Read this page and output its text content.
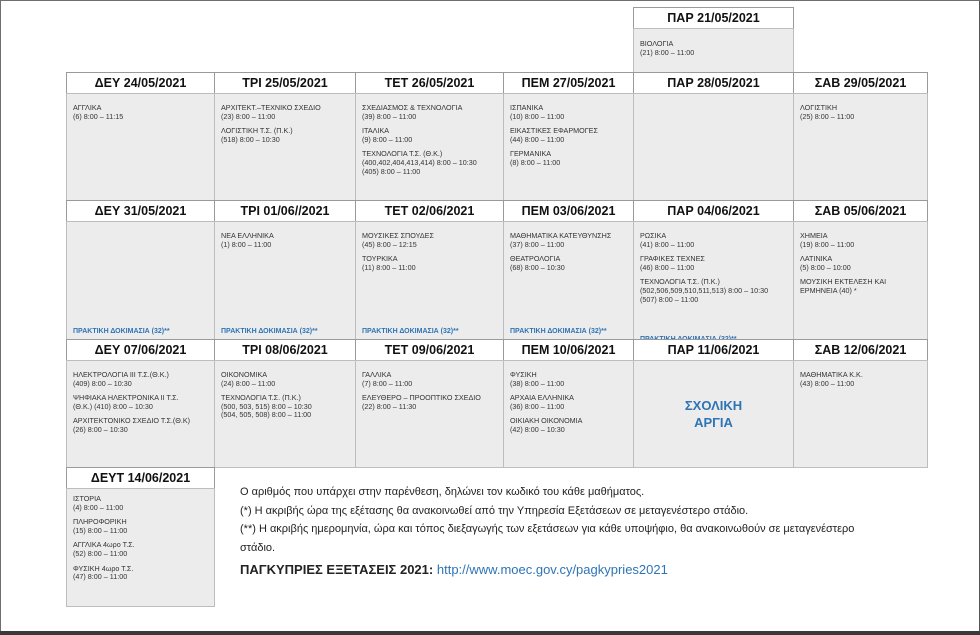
ΠΑΡ 21/05/2021
ΒΙΟΛΟΓΙΑ
(21) 8:00 – 11:00
ΔΕΥ 24/05/2021
ΑΓΓΛΙΚΑ
(6) 8:00 – 11:15
ΤΡΙ 25/05/2021
ΑΡΧΙΤΕΚΤ.–ΤΕΧΝΙΚΟ ΣΧΕΔΙΟ
(23) 8:00 – 11:00
ΛΟΓΙΣΤΙΚΗ Τ.Σ. (Π.Κ.)
(518) 8:00 – 10:30
ΤΕΤ 26/05/2021
ΣΧΕΔΙΑΣΜΟΣ & ΤΕΧΝΟΛΟΓΙΑ
(39) 8:00 – 11:00
ΙΤΑΛΙΚΑ
(9) 8:00 – 11:00
ΤΕΧΝΟΛΟΓΙΑ Τ.Σ. (Θ.Κ.)
(400,402,404,413,414) 8:00 – 10:30
(405) 8:00 – 11:00
ΠΕΜ 27/05/2021
ΙΣΠΑΝΙΚΑ
(10) 8:00 – 11:00
ΕΙΚΑΣΤΙΚΕΣ ΕΦΑΡΜΟΓΕΣ
(44) 8:00 – 11:00
ΓΕΡΜΑΝΙΚΑ
(8) 8:00 – 11:00
ΠΑΡ 28/05/2021	ΣΑΒ 29/05/2021
ΛΟΓΙΣΤΙΚΗ
(25) 8:00 – 11:00
ΔΕΥ 31/05/2021
ΠΡΑΚΤΙΚΗ ΔΟΚΙΜΑΣΙΑ (32)**
ΤΡΙ 01/06//2021
ΝΕΑ ΕΛΛΗΝΙΚΑ
(1) 8:00 – 11:00
ΠΡΑΚΤΙΚΗ ΔΟΚΙΜΑΣΙΑ (32)**
ΤΕΤ 02/06/2021
ΜΟΥΣΙΚΕΣ ΣΠΟΥΔΕΣ
(45) 8:00 – 12:15
ΤΟΥΡΚΙΚΑ
(11) 8:00 – 11:00
ΠΡΑΚΤΙΚΗ ΔΟΚΙΜΑΣΙΑ (32)**
ΠΕΜ 03/06/2021
ΜΑΘΗΜΑΤΙΚΑ ΚΑΤΕΥΘΥΝΣΗΣ
(37) 8:00 – 11:00
ΘΕΑΤΡΟΛΟΓΙΑ
(68) 8:00 – 10:30
ΠΡΑΚΤΙΚΗ ΔΟΚΙΜΑΣΙΑ (32)**
ΠΑΡ 04/06/2021
ΡΩΣΙΚΑ
(41) 8:00 – 11:00
ΓΡΑΦΙΚΕΣ ΤΕΧΝΕΣ
(46) 8:00 – 11:00
ΤΕΧΝΟΛΟΓΙΑ Τ.Σ. (Π.Κ.)
(502,506,509,510,511,513) 8:00 – 10:30
(507) 8:00 – 11:00
ΣΑΒ 05/06/2021
ΧΗΜΕΙΑ
(19) 8:00 – 11:00
ΛΑΤΙΝΙΚΑ
(5) 8:00 – 10:00
ΜΟΥΣΙΚΗ ΕΚΤΕΛΕΣΗ ΚΑΙ
ΕΡΜΗΝΕΙΑ (40) *
ΔΕΥ 07/06/2021
ΗΛΕΚΤΡΟΛΟΓΙΑ ΙΙΙ Τ.Σ.(Θ.Κ.)
(409) 8:00 – 10:30
ΨΗΦΙΑΚΑ ΗΛΕΚΤΡΟΝΙΚΑ ΙΙ Τ.Σ.
(Θ.Κ.) (410) 8:00 – 10:30
ΑΡΧΙΤΕΚΤΟΝΙΚΟ ΣΧΕΔΙΟ Τ.Σ.(Θ.Κ)
(26) 8:00 – 10:30
ΤΡΙ 08/06/2021
ΟΙΚΟΝΟΜΙΚΑ
(24) 8:00 – 11:00
ΤΕΧΝΟΛΟΓΙΑ Τ.Σ. (Π.Κ.)
(500, 503, 515) 8:00 – 10:30
(504, 505, 508) 8:00 – 11:00
ΤΕΤ 09/06/2021
ΓΑΛΛΙΚΑ
(7) 8:00 – 11:00
ΕΛΕΥΘΕΡΟ – ΠΡΟΟΠΤΙΚΟ ΣΧΕΔΙΟ
(22) 8:00 – 11:30
ΠΕΜ 10/06/2021
ΦΥΣΙΚΗ
(38) 8:00 – 11:00
ΑΡΧΑΙΑ ΕΛΛΗΝΙΚΑ
(36) 8:00 – 11:00
ΟΙΚΙΑΚΗ ΟΙΚΟΝΟΜΙΑ
(42) 8:00 – 10:30
ΠΑΡ 11/06/2021
ΣΧΟΛΙΚΗ
ΑΡΓΙΑ
ΣΑΒ 12/06/2021
ΜΑΘΗΜΑΤΙΚΑ Κ.Κ.
(43) 8:00 – 11:00
ΔΕΥΤ 14/06/2021
ΙΣΤΟΡΙΑ
(4) 8:00 – 11:00
ΠΛΗΡΟΦΟΡΙΚΗ
(15) 8:00 – 11:00
ΑΓΓΛΙΚΑ 4ωρο Τ.Σ.
(52) 8:00 – 11:00
ΦΥΣΙΚΗ 4ωρο Τ.Σ.
(47) 8:00 – 11:00
Ο αριθμός που υπάρχει στην παρένθεση, δηλώνει τον κωδικό του κάθε μαθήματος.
(*) Η ακριβής ώρα της εξέτασης θα ανακοινωθεί από την Υπηρεσία Εξετάσεων σε μεταγενέστερο στάδιο.
(**) Η ακριβής ημερομηνία, ώρα και τόπος διεξαγωγής των εξετάσεων για κάθε υποψήφιο, θα ανακοινωθούν σε μεταγενέστερο
στάδιο.
ΠΑΓΚΥΠΡΙΕΣ ΕΞΕΤΑΣΕΙΣ 2021: http://www.moec.gov.cy/pagkypries2021
